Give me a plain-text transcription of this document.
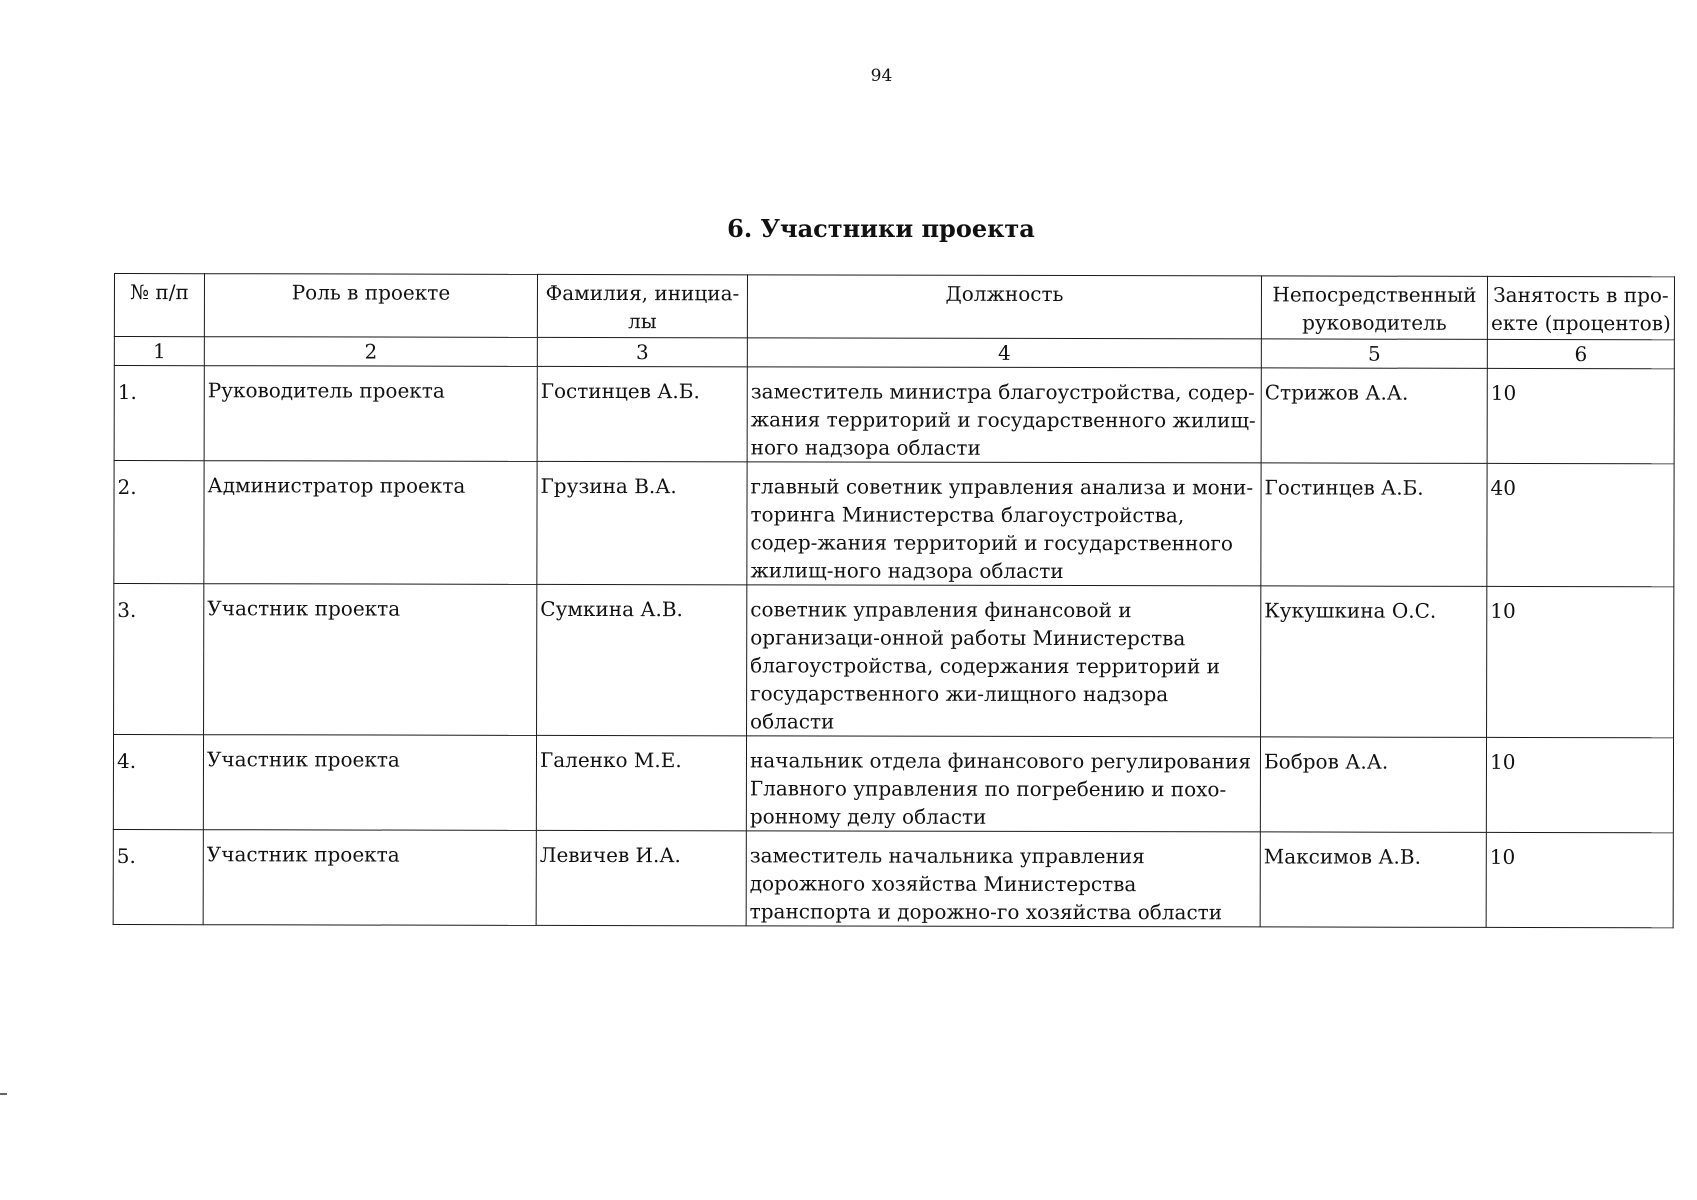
94
6. Участники проекта
№ п/п	Роль в проекте	Фамилия, инициа-лы	Должность	Непосредственный руководитель	Занятость в про-екте (процентов)
1	2	3	4	5	6
1.	Руководитель проекта	Гостинцев А.Б.	заместитель министра благоустройства, содер-жания территорий и государственного жилищ-ного надзора области	Стрижов А.А.	10
2.	Администратор проекта	Грузина В.А.	главный советник управления анализа и мони-торинга Министерства благоустройства, содер-жания территорий и государственного жилищ-ного надзора области	Гостинцев А.Б.	40
3.	Участник проекта	Сумкина А.В.	советник управления финансовой и организаци-онной работы Министерства благоустройства, содержания территорий и государственного жи-лищного надзора области	Кукушкина О.С.	10
4.	Участник проекта	Галенко М.Е.	начальник отдела финансового регулирования Главного управления по погребению и похо-ронному делу области	Бобров А.А.	10
5.	Участник проекта	Левичев И.А.	заместитель начальника управления дорожного хозяйства Министерства транспорта и дорожно-го хозяйства области	Максимов А.В.	10
